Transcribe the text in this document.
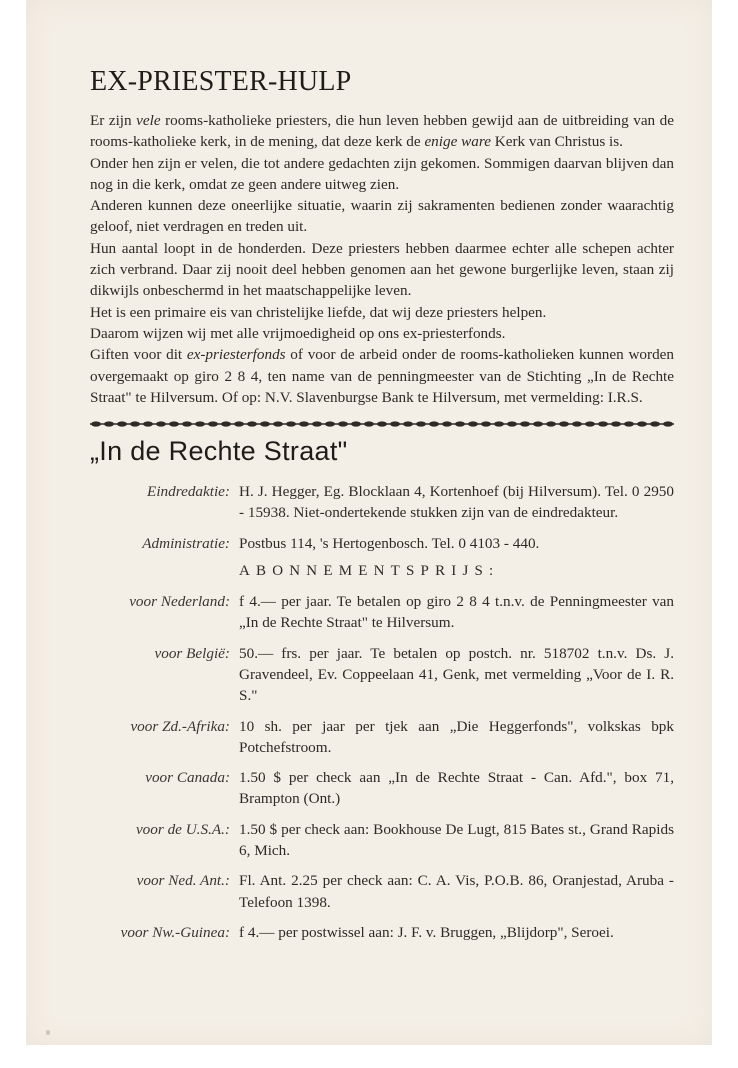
EX-PRIESTER-HULP

Er zijn vele rooms-katholieke priesters, die hun leven hebben gewijd aan de uitbreiding van de rooms-katholieke kerk, in de mening, dat deze kerk de enige ware Kerk van Christus is.

Onder hen zijn er velen, die tot andere gedachten zijn gekomen. Sommigen daarvan blijven dan nog in die kerk, omdat ze geen andere uitweg zien.

Anderen kunnen deze oneerlijke situatie, waarin zij sakramenten bedienen zonder waarachtig geloof, niet verdragen en treden uit.

Hun aantal loopt in de honderden. Deze priesters hebben daarmee echter alle schepen achter zich verbrand. Daar zij nooit deel hebben genomen aan het gewone burgerlijke leven, staan zij dikwijls onbeschermd in het maatschappelijke leven.

Het is een primaire eis van christelijke liefde, dat wij deze priesters helpen.

Daarom wijzen wij met alle vrijmoedigheid op ons ex-priesterfonds.

Giften voor dit ex-priesterfonds of voor de arbeid onder de rooms-katholieken kunnen worden overgemaakt op giro 2 8 4, ten name van de penningmeester van de Stichting „In de Rechte Straat" te Hilversum. Of op: N.V. Slavenburgse Bank te Hilversum, met vermelding: I.R.S.

„In de Rechte Straat"
Eindredaktie: H. J. Hegger, Eg. Blocklaan 4, Kortenhoef (bij Hilversum). Tel. 0 2950 - 15938. Niet-ondertekende stukken zijn van de eindredakteur.
Administratie: Postbus 114, 's Hertogenbosch. Tel. 0 4103 - 440.
ABONNEMENTSPRIJS:
voor Nederland: f 4.— per jaar. Te betalen op giro 2 8 4 t.n.v. de Penningmeester van „In de Rechte Straat" te Hilversum.
voor België: 50.— frs. per jaar. Te betalen op postch. nr. 518702 t.n.v. Ds. J. Gravendeel, Ev. Coppeelaan 41, Genk, met vermelding „Voor de I. R. S."
voor Zd.-Afrika: 10 sh. per jaar per tjek aan „Die Heggerfonds", volkskas bpk Potchefstroom.
voor Canada: 1.50 $ per check aan „In de Rechte Straat - Can. Afd.", box 71, Brampton (Ont.)
voor de U.S.A.: 1.50 $ per check aan: Bookhouse De Lugt, 815 Bates st., Grand Rapids 6, Mich.
voor Ned. Ant.: Fl. Ant. 2.25 per check aan: C. A. Vis, P.O.B. 86, Oranjestad, Aruba - Telefoon 1398.
voor Nw.-Guinea: f 4.— per postwissel aan: J. F. v. Bruggen, „Blijdorp", Seroei.
